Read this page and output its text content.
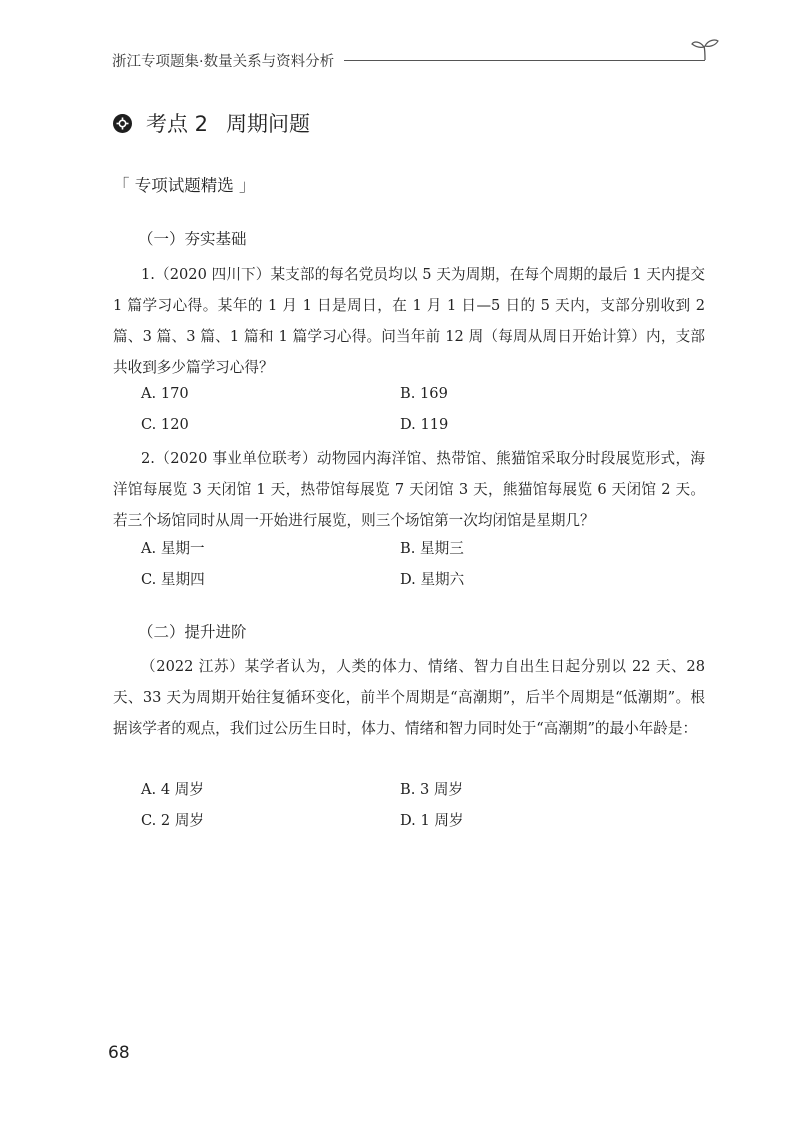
浙江专项题集·数量关系与资料分析
考点 2 周期问题
「 专项试题精选 」
（一）夯实基础
1.（2020 四川下）某支部的每名党员均以 5 天为周期，在每个周期的最后 1 天内提交 1 篇学习心得。某年的 1 月 1 日是周日，在 1 月 1 日—5 日的 5 天内，支部分别收到 2 篇、3 篇、3 篇、1 篇和 1 篇学习心得。问当年前 12 周（每周从周日开始计算）内，支部共收到多少篇学习心得？
A. 170	B. 169
C. 120	D. 119
2.（2020 事业单位联考）动物园内海洋馆、热带馆、熊猫馆采取分时段展览形式，海洋馆每展览 3 天闭馆 1 天，热带馆每展览 7 天闭馆 3 天，熊猫馆每展览 6 天闭馆 2 天。若三个场馆同时从周一开始进行展览，则三个场馆第一次均闭馆是星期几？
A. 星期一	B. 星期三
C. 星期四	D. 星期六
（二）提升进阶
（2022 江苏）某学者认为，人类的体力、情绪、智力自出生日起分别以 22 天、28 天、33 天为周期开始往复循环变化，前半个周期是“高潮期”，后半个周期是“低潮期”。根据该学者的观点，我们过公历生日时，体力、情绪和智力同时处于“高潮期”的最小年龄是：
A. 4 周岁	B. 3 周岁
C. 2 周岁	D. 1 周岁
68
